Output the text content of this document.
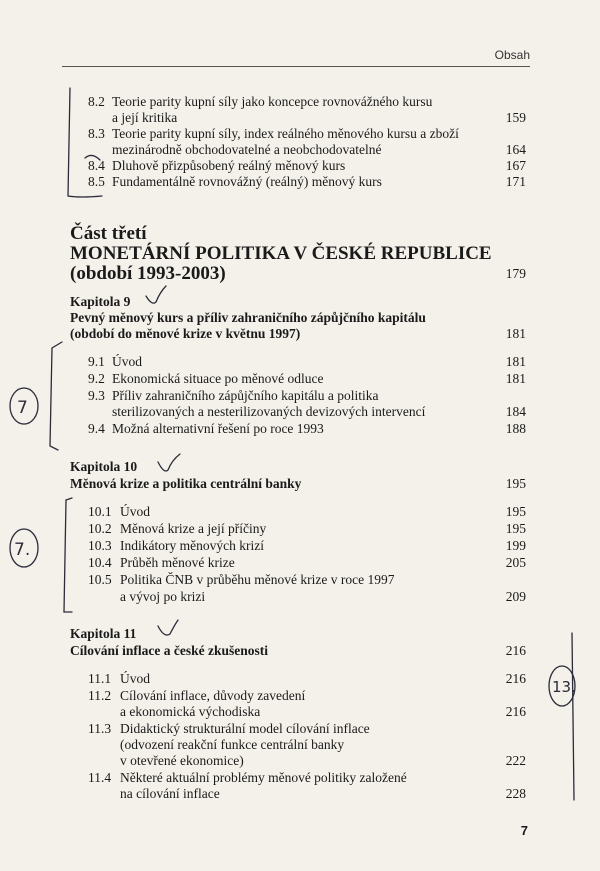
Obsah
8.2 Teorie parity kupní síly jako koncepce rovnovážného kursu
a její kritika	159
8.3 Teorie parity kupní síly, index reálného měnového kursu a zboží
mezinárodně obchodovatelné a neobchodovatelné	164
8.4 Dluhově přizpůsobený reálný měnový kurs	167
8.5 Fundamentálně rovnovážný (reálný) měnový kurs	171
Část třetí
MONETÁRNÍ POLITIKA V ČESKÉ REPUBLICE
(období 1993-2003)	179
Kapitola 9
Pevný měnový kurs a příliv zahraničního zápůjčního kapitálu
(období do měnové krize v květnu 1997)	181
9.1 Úvod	181
9.2 Ekonomická situace po měnové odluce	181
9.3 Příliv zahraničního zápůjčního kapitálu a politika
sterilizovaných a nesterilizovaných devizových intervencí	184
9.4 Možná alternativní řešení po roce 1993	188
Kapitola 10
Měnová krize a politika centrální banky	195
10.1 Úvod	195
10.2 Měnová krize a její příčiny	195
10.3 Indikátory měnových krizí	199
10.4 Průběh měnové krize	205
10.5 Politika ČNB v průběhu měnové krize v roce 1997
a vývoj po krizi	209
Kapitola 11
Cílování inflace a české zkušenosti	216
11.1 Úvod	216
11.2 Cílování inflace, důvody zavedení
a ekonomická východiska	216
11.3 Didaktický strukturální model cílování inflace
(odvození reakční funkce centrální banky
v otevřené ekonomice)	222
11.4 Některé aktuální problémy měnové politiky založené
na cílování inflace	228
7
7.
13.
7
